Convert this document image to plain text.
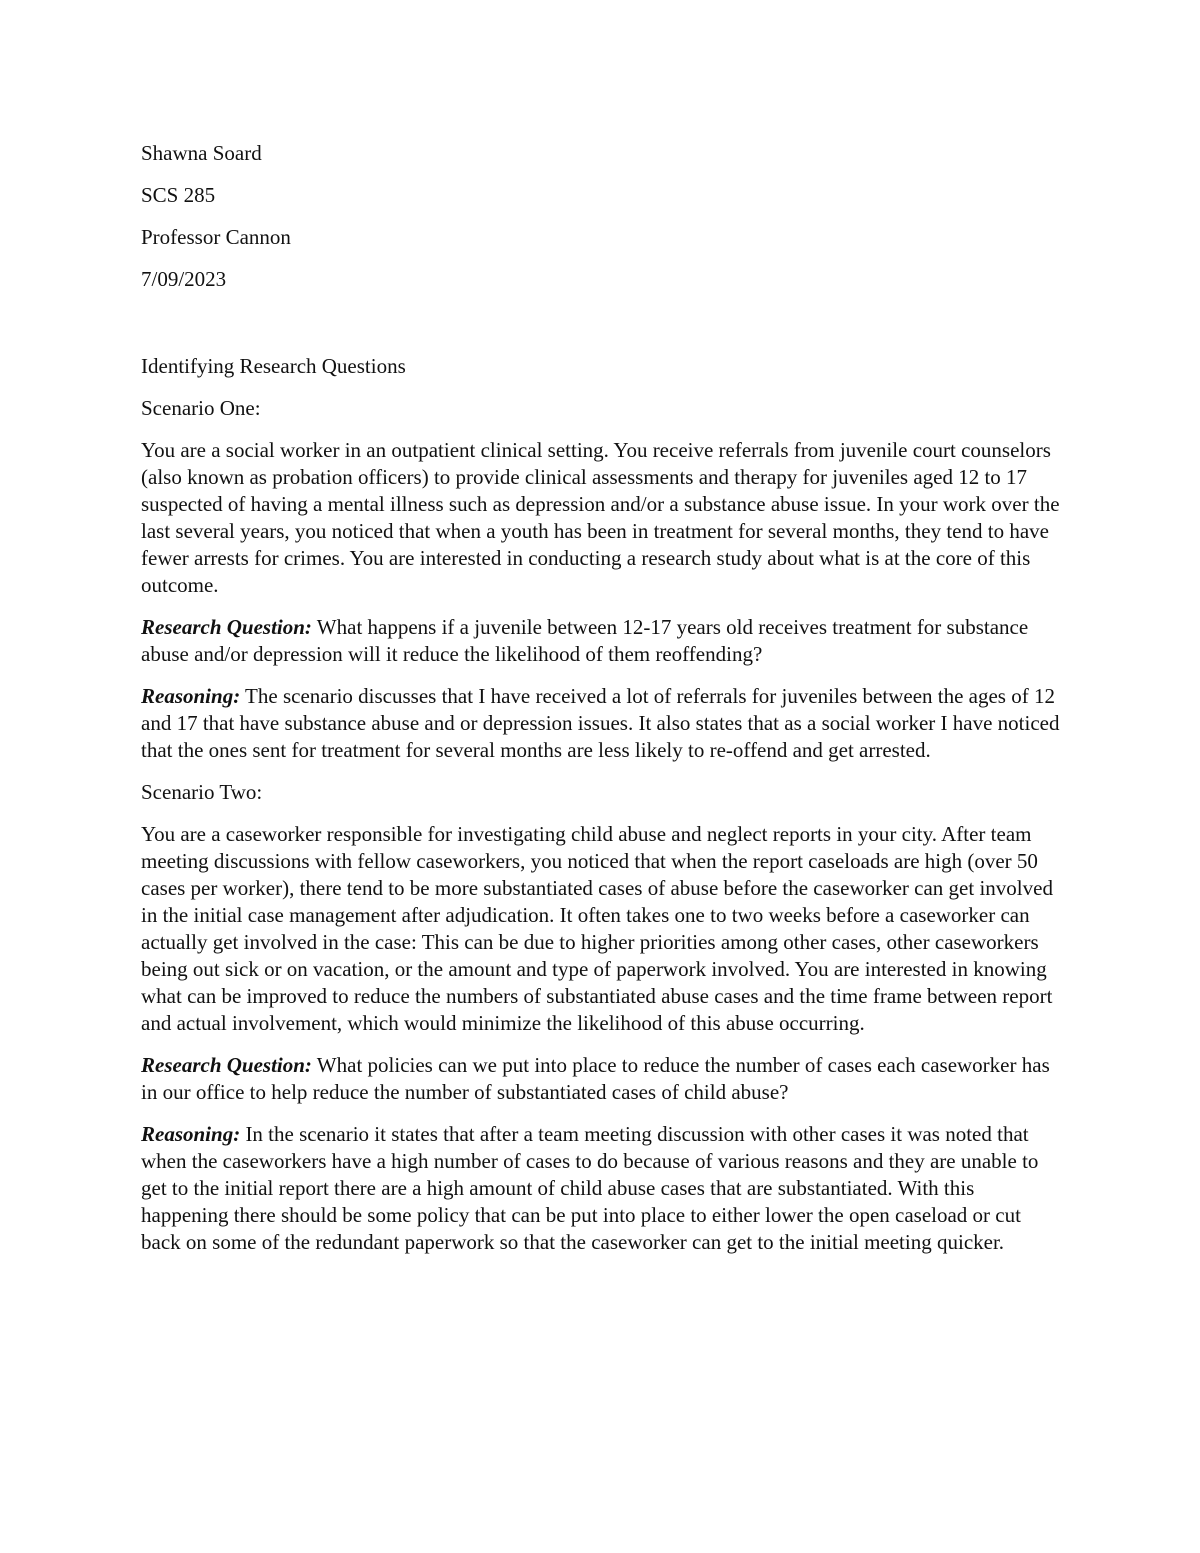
Shawna Soard
SCS 285
Professor Cannon
7/09/2023
Identifying Research Questions
Scenario One:
You are a social worker in an outpatient clinical setting. You receive referrals from juvenile court counselors (also known as probation officers) to provide clinical assessments and therapy for juveniles aged 12 to 17 suspected of having a mental illness such as depression and/or a substance abuse issue. In your work over the last several years, you noticed that when a youth has been in treatment for several months, they tend to have fewer arrests for crimes. You are interested in conducting a research study about what is at the core of this outcome.
Research Question: What happens if a juvenile between 12-17 years old receives treatment for substance abuse and/or depression will it reduce the likelihood of them reoffending?
Reasoning: The scenario discusses that I have received a lot of referrals for juveniles between the ages of 12 and 17 that have substance abuse and or depression issues. It also states that as a social worker I have noticed that the ones sent for treatment for several months are less likely to re-offend and get arrested.
Scenario Two:
You are a caseworker responsible for investigating child abuse and neglect reports in your city. After team meeting discussions with fellow caseworkers, you noticed that when the report caseloads are high (over 50 cases per worker), there tend to be more substantiated cases of abuse before the caseworker can get involved in the initial case management after adjudication. It often takes one to two weeks before a caseworker can actually get involved in the case: This can be due to higher priorities among other cases, other caseworkers being out sick or on vacation, or the amount and type of paperwork involved. You are interested in knowing what can be improved to reduce the numbers of substantiated abuse cases and the time frame between report and actual involvement, which would minimize the likelihood of this abuse occurring.
Research Question: What policies can we put into place to reduce the number of cases each caseworker has in our office to help reduce the number of substantiated cases of child abuse?
Reasoning: In the scenario it states that after a team meeting discussion with other cases it was noted that when the caseworkers have a high number of cases to do because of various reasons and they are unable to get to the initial report there are a high amount of child abuse cases that are substantiated. With this happening there should be some policy that can be put into place to either lower the open caseload or cut back on some of the redundant paperwork so that the caseworker can get to the initial meeting quicker.
